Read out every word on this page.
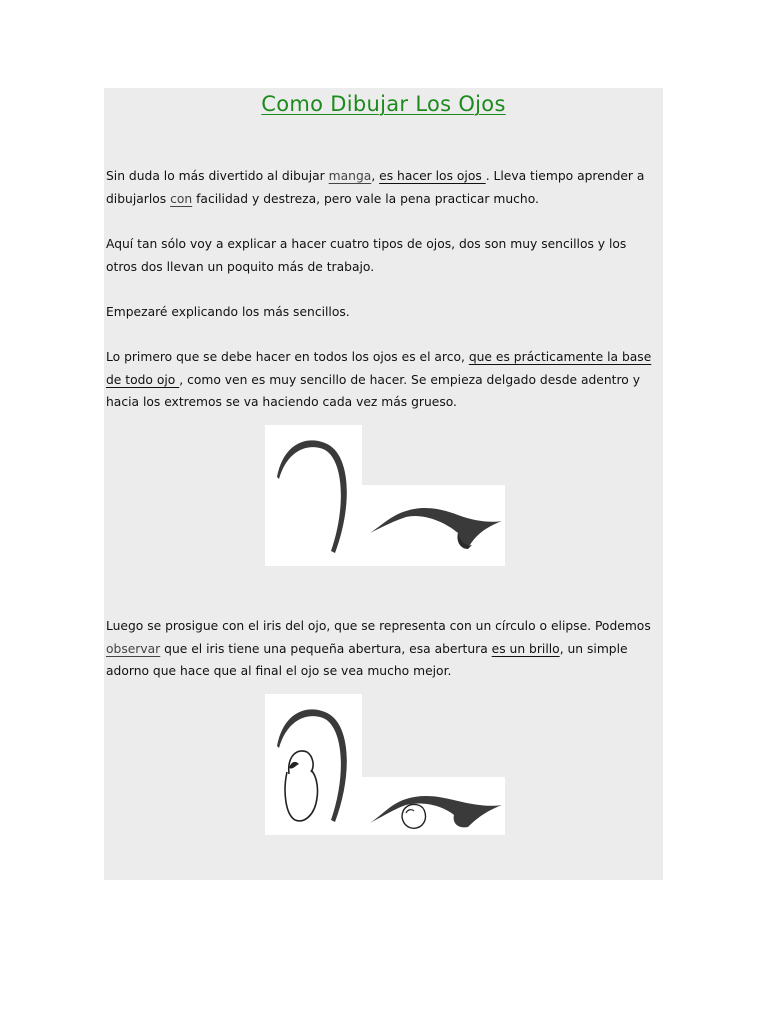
Como Dibujar Los Ojos
Sin duda lo más divertido al dibujar manga, es hacer los ojos . Lleva tiempo aprender a dibujarlos con facilidad y destreza, pero vale la pena practicar mucho.
Aquí tan sólo voy a explicar a hacer cuatro tipos de ojos, dos son muy sencillos y los otros dos llevan un poquito más de trabajo.
Empezaré explicando los más sencillos.
Lo primero que se debe hacer en todos los ojos es el arco, que es prácticamente la base de todo ojo , como ven es muy sencillo de hacer. Se empieza delgado desde adentro y hacia los extremos se va haciendo cada vez más grueso.
Luego se prosigue con el iris del ojo, que se representa con un círculo o elipse. Podemos observar que el iris tiene una pequeña abertura, esa abertura es un brillo, un simple adorno que hace que al final el ojo se vea mucho mejor.
